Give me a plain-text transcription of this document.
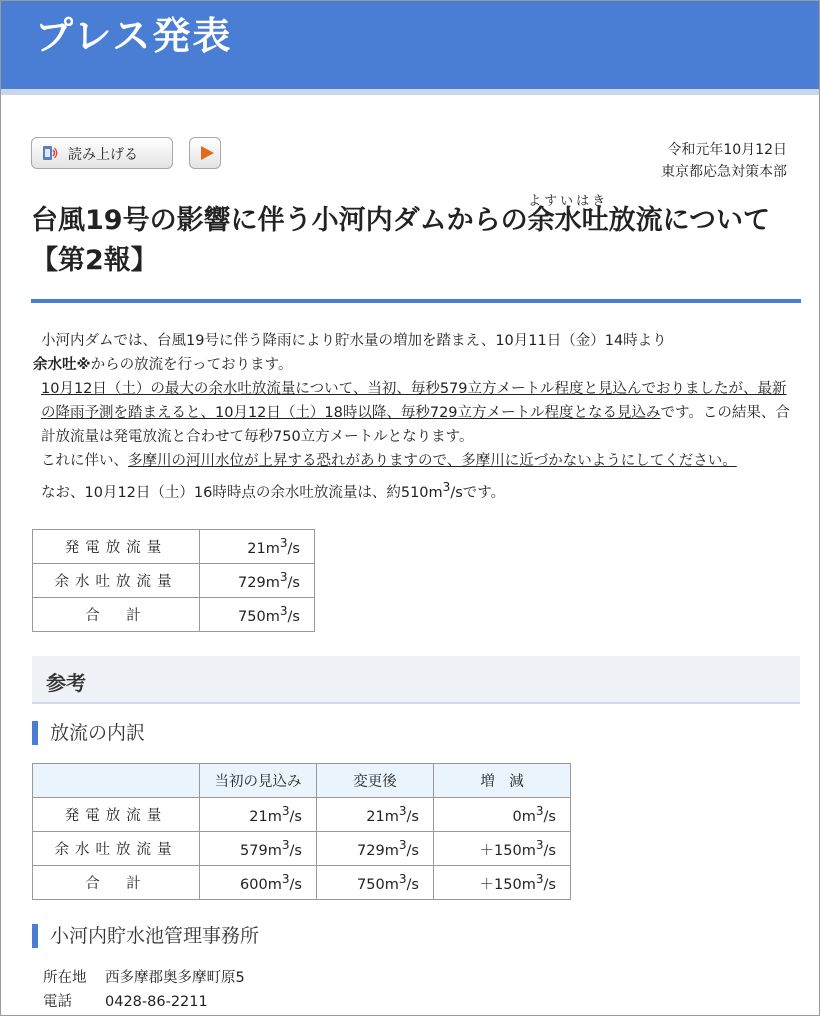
プレス発表
読み上げる	令和元年10月12日
東京都応急対策本部
台風19号の影響に伴う小河内ダムからの
よすいはき
余水吐放流について【第2報】

小河内ダムでは、台風19号に伴う降雨により貯水量の増加を踏まえ、10月11日（金）14時より
余水吐※からの放流を行っております。

10月12日（土）の最大の余水吐放流量について、当初、毎秒579立方メートル程度と見込んでおりましたが、最新の降雨予測を踏まえると、10月12日（土）18時以降、毎秒729立方メートル程度となる見込みです。この結果、合計放流量は発電放流と合わせて毎秒750立方メートルとなります。

これに伴い、多摩川の河川水位が上昇する恐れがありますので、多摩川に近づかないようにしてください。

なお、10月12日（土）16時時点の余水吐放流量は、約$510m^3/s$です。

発電放流量	$21m^3/s$
余水吐放流量	$729m^3/s$
合　計	$750m^3/s$
参考
放流の内訳
	当初の見込み	変更後	増　減
発電放流量	$21m^3/s$	$21m^3/s$	$0m^3/s$
余水吐放流量	$579m^3/s$	$729m^3/s$	$+150m^3/s$
合　計	$600m^3/s$	$750m^3/s$	$+150m^3/s$
小河内貯水池管理事務所
所在地 西多摩郡奥多摩町原5
電話 0428-86-2211
